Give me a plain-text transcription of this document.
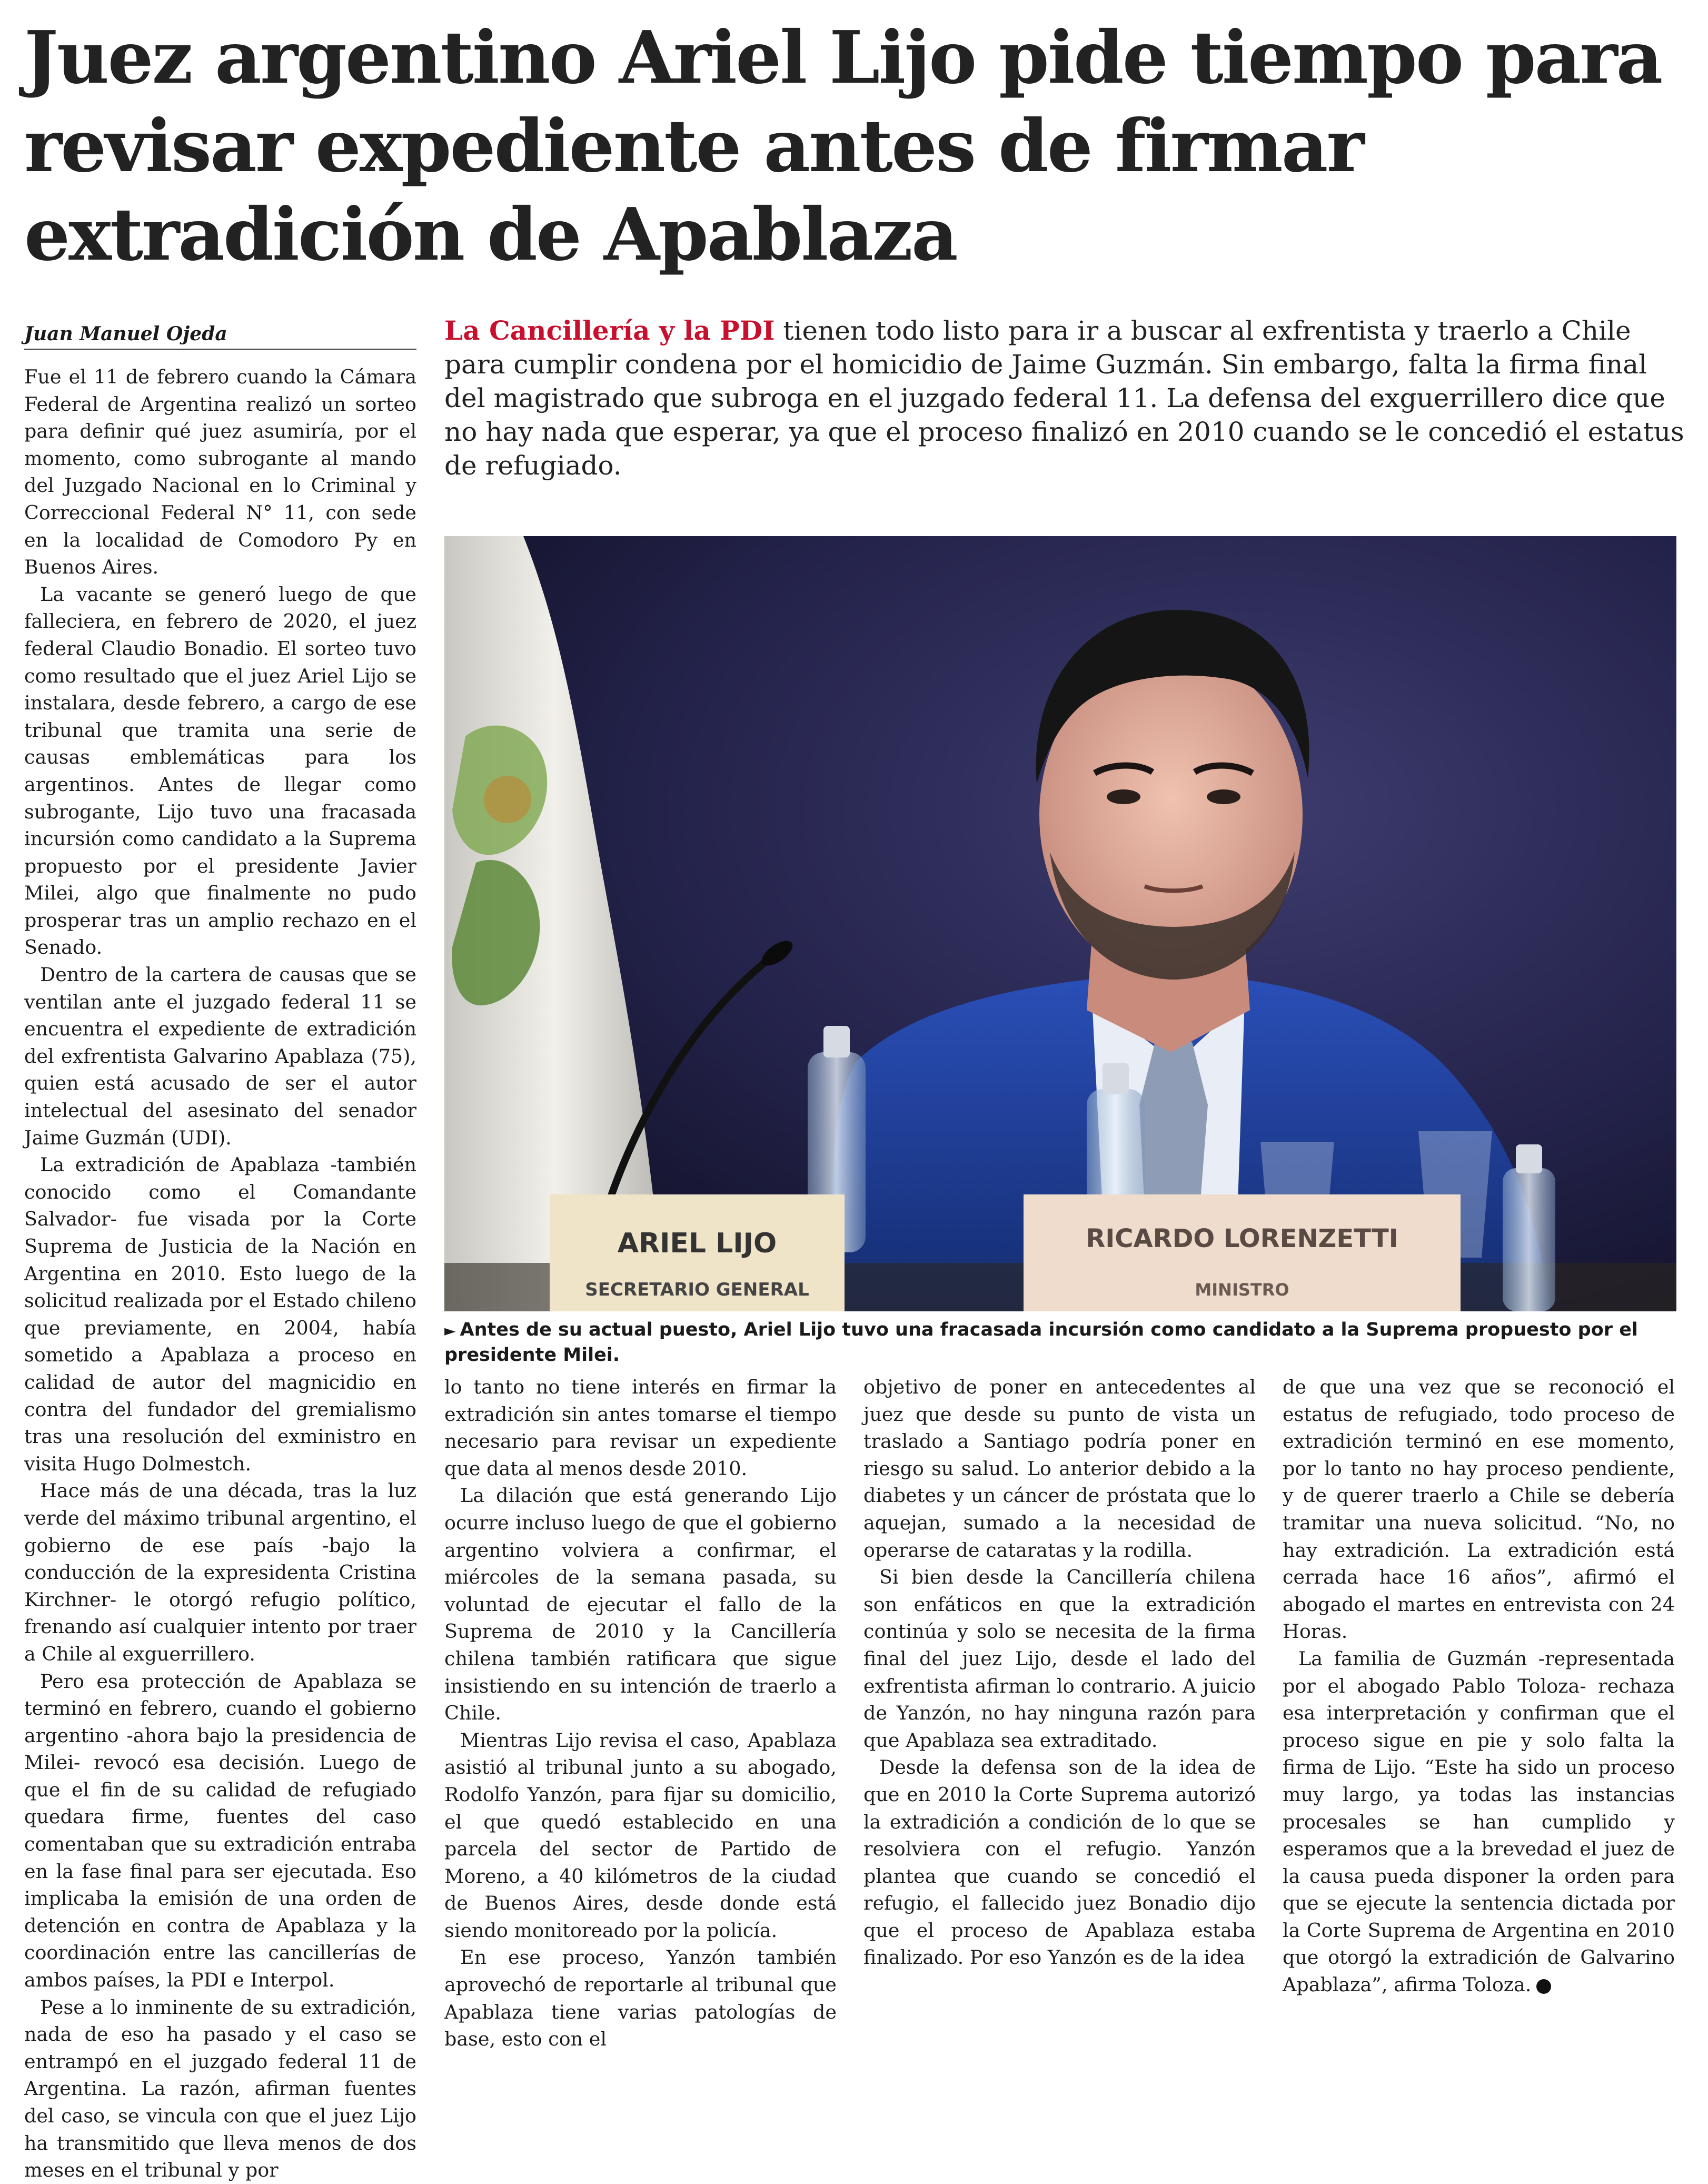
Juez argentino Ariel Lijo pide tiempo para revisar expediente antes de firmar extradición de Apablaza
Juan Manuel Ojeda	La Cancillería y la PDI tienen todo listo para ir a buscar al exfrentista y traerlo a Chile para cumplir condena por el homicidio de Jaime Guzmán. Sin embargo, falta la firma final del magistrado que subroga en el juzgado federal 11. La defensa del exguerrillero dice que no hay nada que esperar, ya que el proceso finalizó en 2010 cuando se le concedió el estatus de refugiado.

ARIEL LIJO
SECRETARIO GENERAL
RICARDO LORENZETTI
MINISTRO
► Antes de su actual puesto, Ariel Lijo tuvo una fracasada incursión como candidato a la Suprema propuesto por el presidente Milei.

Fue el 11 de febrero cuando la Cámara Federal de Argentina realizó un sorteo para definir qué juez asumiría, por el momento, como subrogante al mando del Juzgado Nacional en lo Criminal y Correccional Federal N° 11, con sede en la localidad de Comodoro Py en Buenos Aires.

La vacante se generó luego de que falleciera, en febrero de 2020, el juez federal Claudio Bonadio. El sorteo tuvo como resultado que el juez Ariel Lijo se instalara, desde febrero, a cargo de ese tribunal que tramita una serie de causas emblemáticas para los argentinos. Antes de llegar como subrogante, Lijo tuvo una fracasada incursión como candidato a la Suprema propuesto por el presidente Javier Milei, algo que finalmente no pudo prosperar tras un amplio rechazo en el Senado.

Dentro de la cartera de causas que se ventilan ante el juzgado federal 11 se encuentra el expediente de extradición del exfrentista Galvarino Apablaza (75), quien está acusado de ser el autor intelectual del asesinato del senador Jaime Guzmán (UDI).

La extradición de Apablaza -también conocido como el Comandante Salvador- fue visada por la Corte Suprema de Justicia de la Nación en Argentina en 2010. Esto luego de la solicitud realizada por el Estado chileno que previamente, en 2004, había sometido a Apablaza a proceso en calidad de autor del magnicidio en contra del fundador del gremialismo tras una resolución del exministro en visita Hugo Dolmestch.

Hace más de una década, tras la luz verde del máximo tribunal argentino, el gobierno de ese país -bajo la conducción de la expresidenta Cristina Kirchner- le otorgó refugio político, frenando así cualquier intento por traer a Chile al exguerrillero.

Pero esa protección de Apablaza se terminó en febrero, cuando el gobierno argentino -ahora bajo la presidencia de Milei- revocó esa decisión. Luego de que el fin de su calidad de refugiado quedara firme, fuentes del caso comentaban que su extradición entraba en la fase final para ser ejecutada. Eso implicaba la emisión de una orden de detención en contra de Apablaza y la coordinación entre las cancillerías de ambos países, la PDI e Interpol.

Pese a lo inminente de su extradición, nada de eso ha pasado y el caso se entrampó en el juzgado federal 11 de Argentina. La razón, afirman fuentes del caso, se vincula con que el juez Lijo ha transmitido que lleva menos de dos meses en el tribunal y por

lo tanto no tiene interés en firmar la extradición sin antes tomarse el tiempo necesario para revisar un expediente que data al menos desde 2010.

La dilación que está generando Lijo ocurre incluso luego de que el gobierno argentino volviera a confirmar, el miércoles de la semana pasada, su voluntad de ejecutar el fallo de la Suprema de 2010 y la Cancillería chilena también ratificara que sigue insistiendo en su intención de traerlo a Chile.

Mientras Lijo revisa el caso, Apablaza asistió al tribunal junto a su abogado, Rodolfo Yanzón, para fijar su domicilio, el que quedó establecido en una parcela del sector de Partido de Moreno, a 40 kilómetros de la ciudad de Buenos Aires, desde donde está siendo monitoreado por la policía.

En ese proceso, Yanzón también aprovechó de reportarle al tribunal que Apablaza tiene varias patologías de base, esto con el

objetivo de poner en antecedentes al juez que desde su punto de vista un traslado a Santiago podría poner en riesgo su salud. Lo anterior debido a la diabetes y un cáncer de próstata que lo aquejan, sumado a la necesidad de operarse de cataratas y la rodilla.

Si bien desde la Cancillería chilena son enfáticos en que la extradición continúa y solo se necesita de la firma final del juez Lijo, desde el lado del exfrentista afirman lo contrario. A juicio de Yanzón, no hay ninguna razón para que Apablaza sea extraditado.

Desde la defensa son de la idea de que en 2010 la Corte Suprema autorizó la extradición a condición de lo que se resolviera con el refugio. Yanzón plantea que cuando se concedió el refugio, el fallecido juez Bonadio dijo que el proceso de Apablaza estaba finalizado. Por eso Yanzón es de la idea

de que una vez que se reconoció el estatus de refugiado, todo proceso de extradición terminó en ese momento, por lo tanto no hay proceso pendiente, y de querer traerlo a Chile se debería tramitar una nueva solicitud. “No, no hay extradición. La extradición está cerrada hace 16 años”, afirmó el abogado el martes en entrevista con 24 Horas.

La familia de Guzmán -representada por el abogado Pablo Toloza- rechaza esa interpretación y confirman que el proceso sigue en pie y solo falta la firma de Lijo. “Este ha sido un proceso muy largo, ya todas las instancias procesales se han cumplido y esperamos que a la brevedad el juez de la causa pueda disponer la orden para que se ejecute la sentencia dictada por la Corte Suprema de Argentina en 2010 que otorgó la extradición de Galvarino Apablaza”, afirma Toloza.
